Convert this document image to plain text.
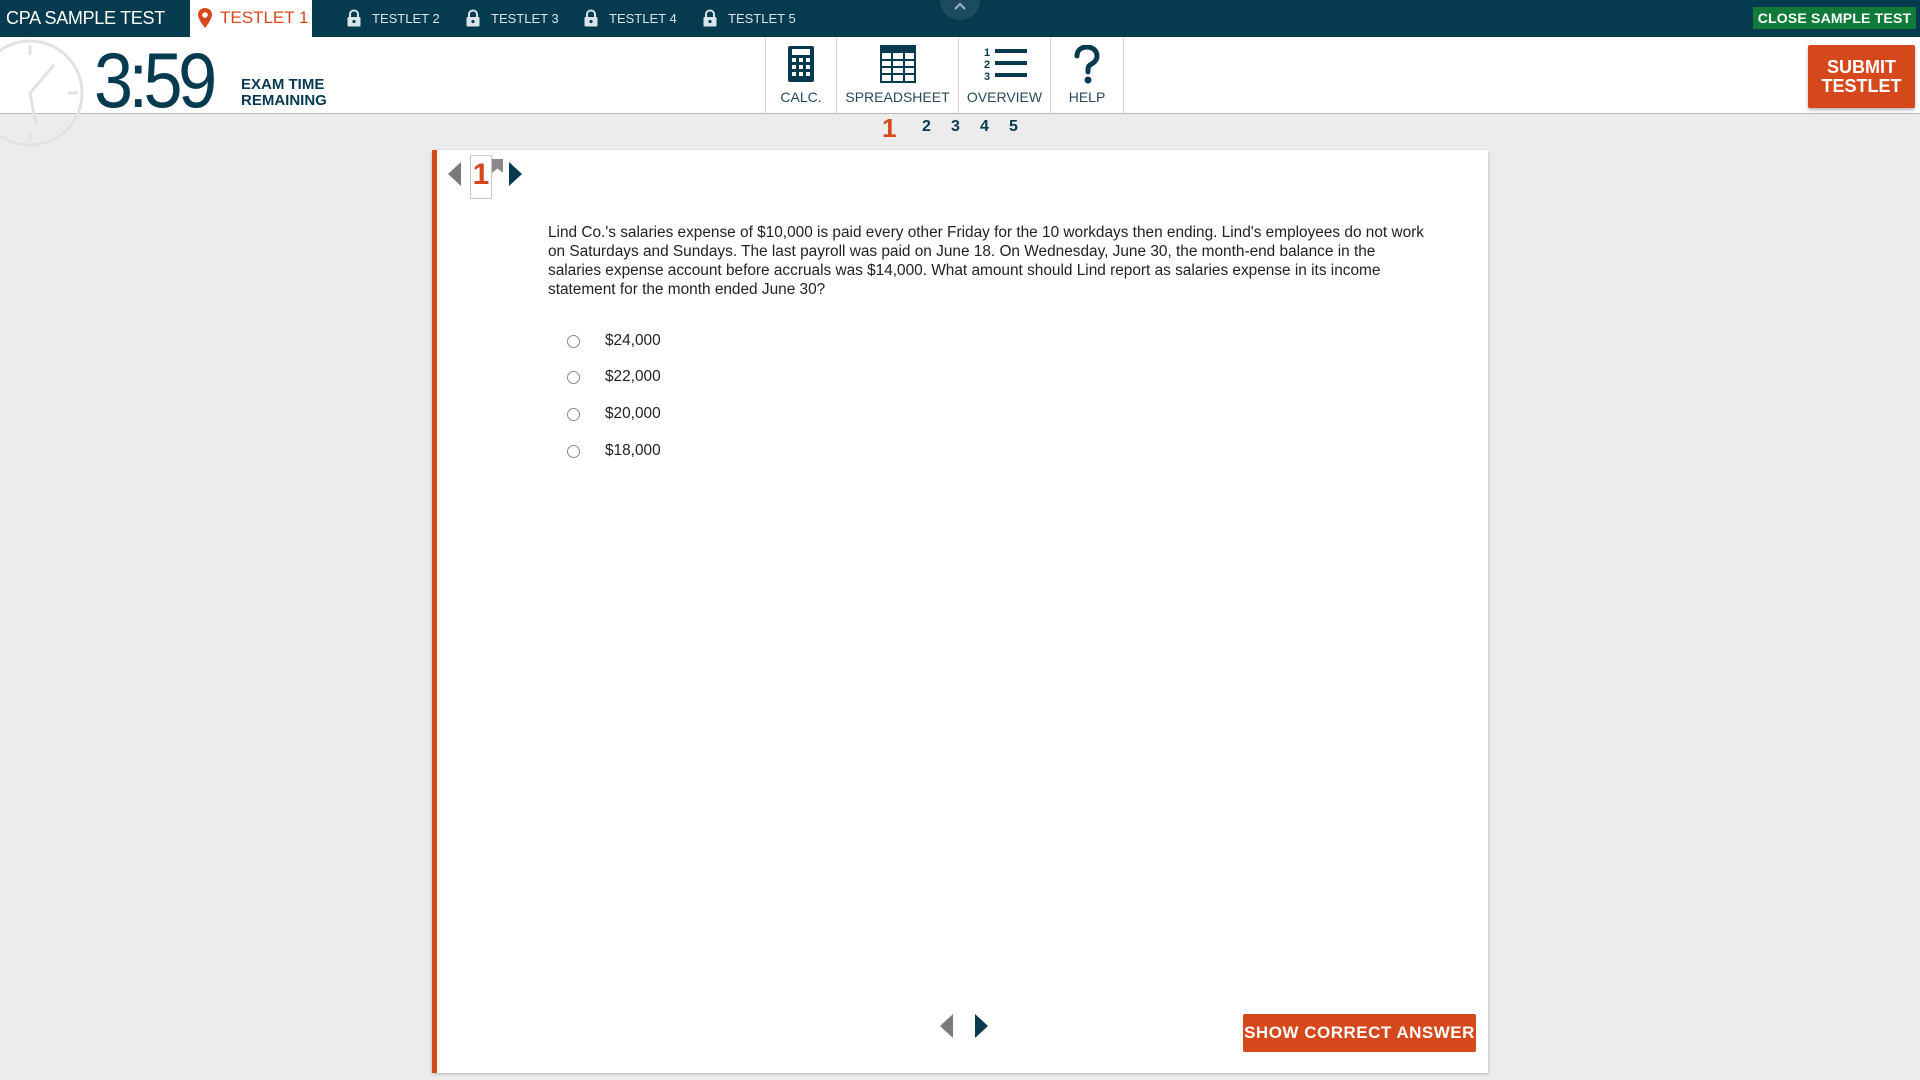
CPA SAMPLE TEST	TESTLET 1	TESTLET 2	TESTLET 3	TESTLET 4	TESTLET 5	CLOSE SAMPLE TEST
3:59 EXAM TIME
REMAINING	CALC.	SPREADSHEET
1
2
3
OVERVIEW	HELP
SUBMIT
TESTLET
1 2 3 4 5
1
Lind Co.'s salaries expense of $10,000 is paid every other Friday for the 10 workdays then ending. Lind's employees do not work on Saturdays and Sundays. The last payroll was paid on June 18. On Wednesday, June 30, the month-end balance in the salaries expense account before accruals was $14,000. What amount should Lind report as salaries expense in its income statement for the month ended June 30?
$24,000
$22,000
$20,000
$18,000
SHOW CORRECT ANSWER
